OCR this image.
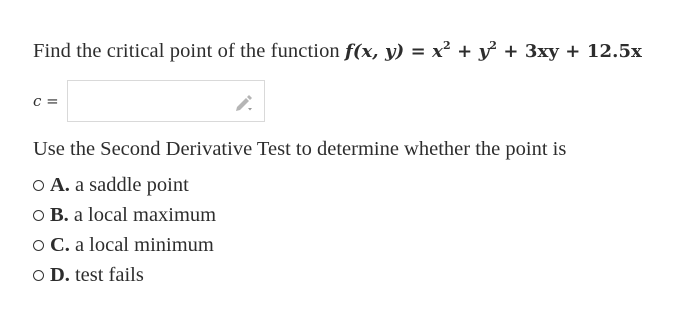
Find the critical point of the function f(x, $y) = x^2 + y^2 + 3xy + 12.5x$
c =
Use the Second Derivative Test to determine whether the point is
A. a saddle point
B. a local maximum
C. a local minimum
D. test fails
